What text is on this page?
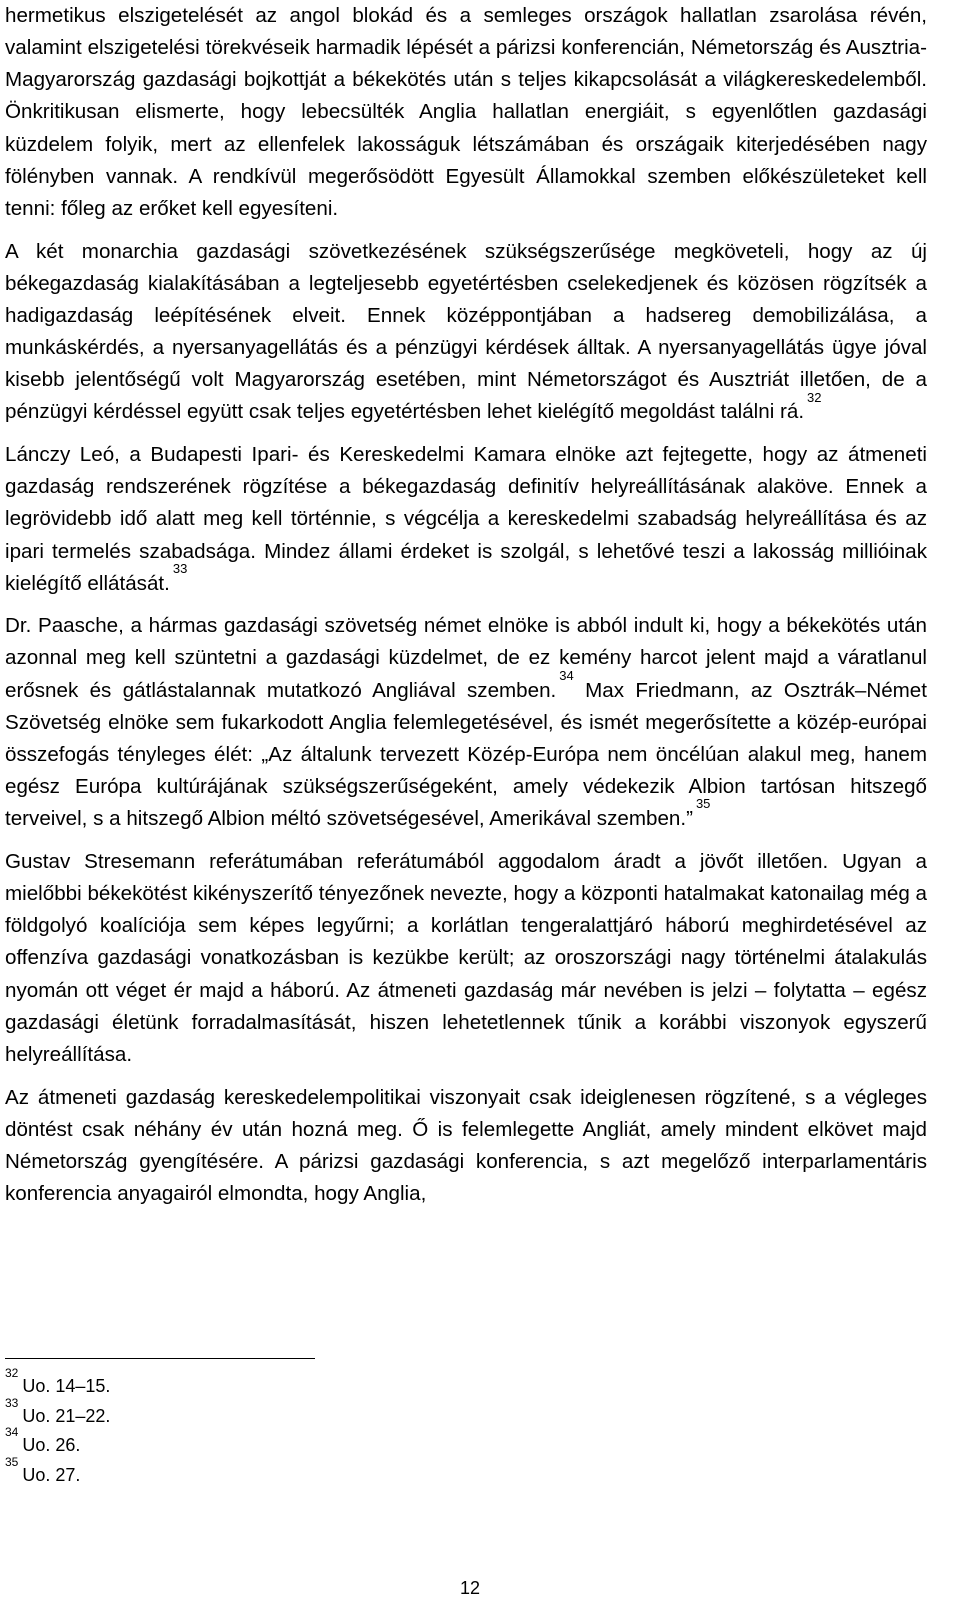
hermetikus elszigetelését az angol blokád és a semleges országok hallatlan zsarolása révén, valamint elszigetelési törekvéseik harmadik lépését a párizsi konferencián, Németország és Ausztria-Magyarország gazdasági bojkottját a békekötés után s teljes kikapcsolását a világkereskedelemből. Önkritikusan elismerte, hogy lebecsülték Anglia hallatlan energiáit, s egyenlőtlen gazdasági küzdelem folyik, mert az ellenfelek lakosságuk létszámában és országaik kiterjedésében nagy fölényben vannak. A rendkívül megerősödött Egyesült Államokkal szemben előkészületeket kell tenni: főleg az erőket kell egyesíteni.

A két monarchia gazdasági szövetkezésének szükségszerűsége megköveteli, hogy az új békegazdaság kialakításában a legteljesebb egyetértésben cselekedjenek és közösen rögzítsék a hadigazdaság leépítésének elveit. Ennek középpontjában a hadsereg demobilizálása, a munkáskérdés, a nyersanyagellátás és a pénzügyi kérdések álltak. A nyersanyagellátás ügye jóval kisebb jelentőségű volt Magyarország esetében, mint Németországot és Ausztriát illetően, de a pénzügyi kérdéssel együtt csak teljes egyetértésben lehet kielégítő megoldást találni rá.$^{32}$

Lánczy Leó, a Budapesti Ipari- és Kereskedelmi Kamara elnöke azt fejtegette, hogy az átmeneti gazdaság rendszerének rögzítése a békegazdaság definitív helyreállításának alaköve. Ennek a legrövidebb idő alatt meg kell történnie, s végcélja a kereskedelmi szabadság helyreállítása és az ipari termelés szabadsága. Mindez állami érdeket is szolgál, s lehetővé teszi a lakosság millióinak kielégítő ellátását.$^{33}$

Dr. Paasche, a hármas gazdasági szövetség német elnöke is abból indult ki, hogy a békekötés után azonnal meg kell szüntetni a gazdasági küzdelmet, de ez kemény harcot jelent majd a váratlanul erősnek és gátlástalannak mutatkozó Angliával szemben.$^{34}$ Max Friedmann, az Osztrák–Német Szövetség elnöke sem fukarkodott Anglia felemlegetésével, és ismét megerősítette a közép-európai összefogás tényleges élét: „Az általunk tervezett Közép-Európa nem öncélúan alakul meg, hanem egész Európa kultúrájának szükségszerűségeként, amely védekezik Albion tartósan hitszegő terveivel, s a hitszegő Albion méltó szövetségesével, Amerikával szemben.”$^{35}$

Gustav Stresemann referátumában referátumából aggodalom áradt a jövőt illetően. Ugyan a mielőbbi békekötést kikényszerítő tényezőnek nevezte, hogy a központi hatalmakat katonailag még a földgolyó koalíciója sem képes legyűrni; a korlátlan tengeralattjáró háború meghirdetésével az offenzíva gazdasági vonatkozásban is kezükbe került; az oroszországi nagy történelmi átalakulás nyomán ott véget ér majd a háború. Az átmeneti gazdaság már nevében is jelzi – folytatta – egész gazdasági életünk forradalmasítását, hiszen lehetetlennek tűnik a korábbi viszonyok egyszerű helyreállítása.

Az átmeneti gazdaság kereskedelempolitikai viszonyait csak ideiglenesen rögzítené, s a végleges döntést csak néhány év után hozná meg. Ő is felemlegette Angliát, amely mindent elkövet majd Németország gyengítésére. A párizsi gazdasági konferencia, s azt megelőző interparlamentáris konferencia anyagairól elmondta, hogy Anglia,

$^{32}$Uo. 14–15.
$^{33}$Uo. 21–22.
$^{34}$Uo. 26.
$^{35}$Uo. 27.
12
